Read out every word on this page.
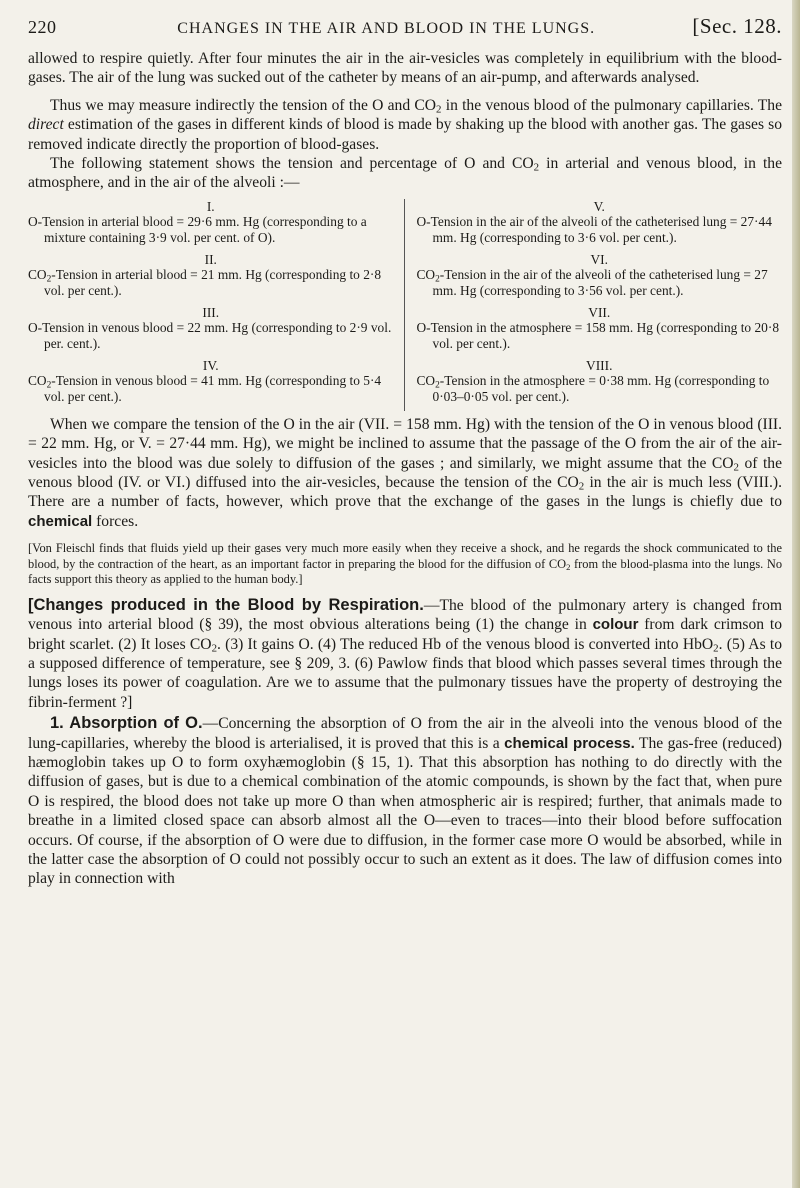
220	CHANGES IN THE AIR AND BLOOD IN THE LUNGS.	[Sec. 128.

allowed to respire quietly. After four minutes the air in the air-vesicles was completely in equilibrium with the blood-gases. The air of the lung was sucked out of the catheter by means of an air-pump, and afterwards analysed.

Thus we may measure indirectly the tension of the O and $CO_2$ in the venous blood of the pulmonary capillaries. The direct estimation of the gases in different kinds of blood is made by shaking up the blood with another gas. The gases so removed indicate directly the proportion of blood-gases.

The following statement shows the tension and percentage of O and $CO_2$ in arterial and venous blood, in the atmosphere, and in the air of the alveoli :—

I.
O-Tension in arterial blood = 29·6 mm. Hg (corresponding to a mixture containing 3·9 vol. per cent. of O).
II.
$CO_2$-Tension in arterial blood = 21 mm. Hg (corresponding to 2·8 vol. per cent.).
III.
O-Tension in venous blood = 22 mm. Hg (corresponding to 2·9 vol. per. cent.).
IV.
$CO_2$-Tension in venous blood = 41 mm. Hg (corresponding to 5·4 vol. per cent.).
V.
O-Tension in the air of the alveoli of the catheterised lung = 27·44 mm. Hg (corresponding to 3·6 vol. per cent.).
VI.
$CO_2$-Tension in the air of the alveoli of the catheterised lung = 27 mm. Hg (corresponding to 3·56 vol. per cent.).
VII.
O-Tension in the atmosphere = 158 mm. Hg (corresponding to 20·8 vol. per cent.).
VIII.
$CO_2$-Tension in the atmosphere = 0·38 mm. Hg (corresponding to 0·03–0·05 vol. per cent.).

When we compare the tension of the O in the air (VII. = 158 mm. Hg) with the tension of the O in venous blood (III. = 22 mm. Hg, or V. = 27·44 mm. Hg), we might be inclined to assume that the passage of the O from the air of the air-vesicles into the blood was due solely to diffusion of the gases ; and similarly, we might assume that the $CO_2$ of the venous blood (IV. or VI.) diffused into the air-vesicles, because the tension of the $CO_2$ in the air is much less (VIII.). There are a number of facts, however, which prove that the exchange of the gases in the lungs is chiefly due to chemical forces.

[Von Fleischl finds that fluids yield up their gases very much more easily when they receive a shock, and he regards the shock communicated to the blood, by the contraction of the heart, as an important factor in preparing the blood for the diffusion of $CO_2$ from the blood-plasma into the lungs. No facts support this theory as applied to the human body.]

[Changes produced in the Blood by Respiration.—The blood of the pulmonary artery is changed from venous into arterial blood (§ 39), the most obvious alterations being (1) the change in colour from dark crimson to bright scarlet. (2) It loses $CO_2$. (3) It gains O. (4) The reduced Hb of the venous blood is converted into HbO$_2$. (5) As to a supposed difference of temperature, see § 209, 3. (6) Pawlow finds that blood which passes several times through the lungs loses its power of coagulation. Are we to assume that the pulmonary tissues have the property of destroying the fibrin-ferment ?]

1. Absorption of O.—Concerning the absorption of O from the air in the alveoli into the venous blood of the lung-capillaries, whereby the blood is arterialised, it is proved that this is a chemical process. The gas-free (reduced) hæmoglobin takes up O to form oxyhæmoglobin (§ 15, 1). That this absorption has nothing to do directly with the diffusion of gases, but is due to a chemical combination of the atomic compounds, is shown by the fact that, when pure O is respired, the blood does not take up more O than when atmospheric air is respired; further, that animals made to breathe in a limited closed space can absorb almost all the O—even to traces—into their blood before suffocation occurs. Of course, if the absorption of O were due to diffusion, in the former case more O would be absorbed, while in the latter case the absorption of O could not possibly occur to such an extent as it does. The law of diffusion comes into play in connection with
